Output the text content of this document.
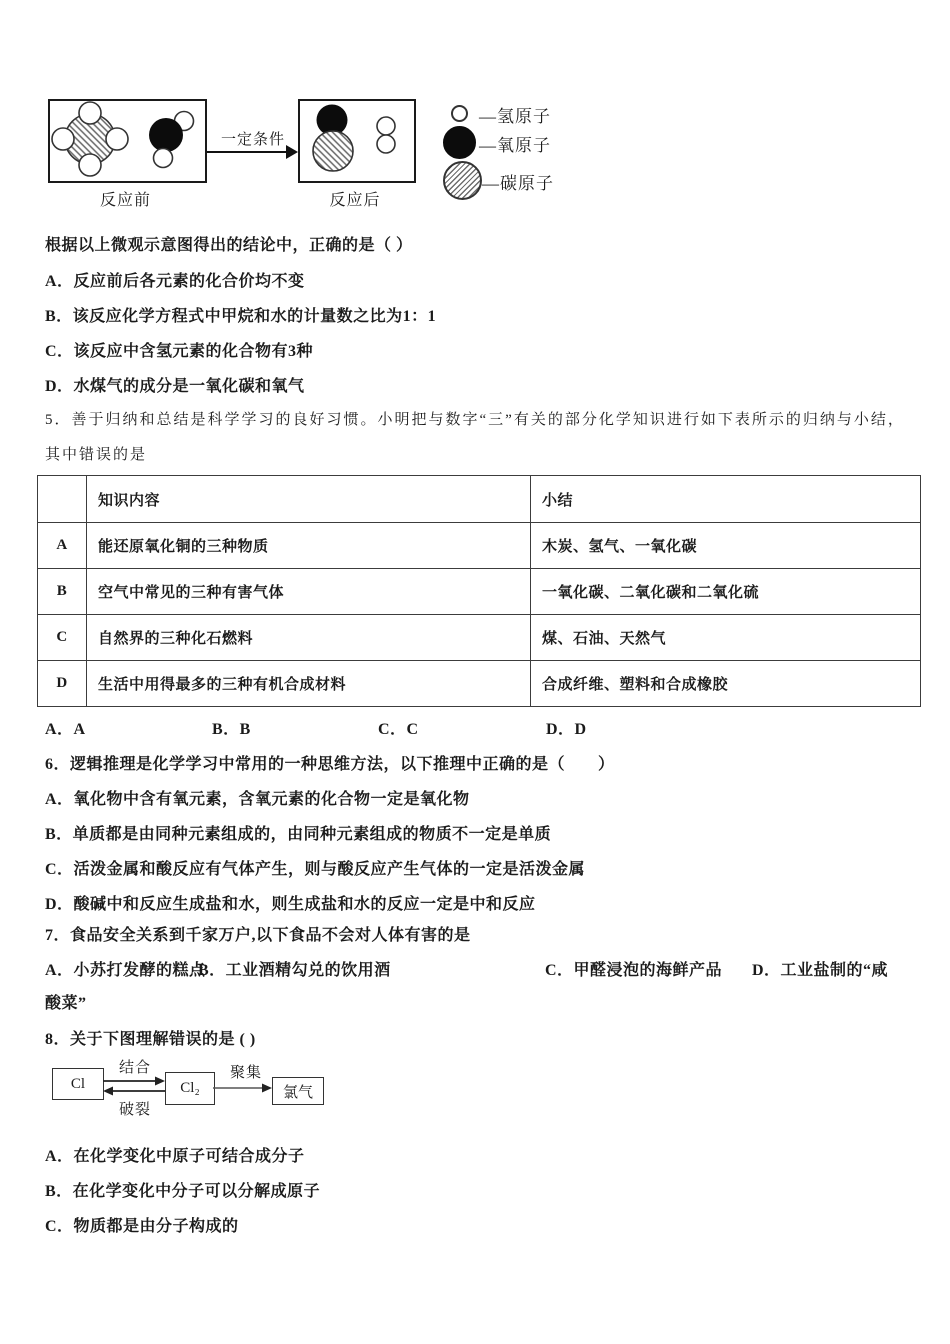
反应前
一定条件
反应后
—氢原子
—氧原子
—碳原子
根据以上微观示意图得出的结论中，正确的是（ ）
A．反应前后各元素的化合价均不变
B．该反应化学方程式中甲烷和水的计量数之比为1：1
C．该反应中含氢元素的化合物有3种
D．水煤气的成分是一氧化碳和氧气
5．善于归纳和总结是科学学习的良好习惯。小明把与数字“三”有关的部分化学知识进行如下表所示的归纳与小结，
其中错误的是
	知识内容	小结
A	能还原氧化铜的三种物质	木炭、氢气、一氧化碳
B	空气中常见的三种有害气体	一氧化碳、二氧化碳和二氧化硫
C	自然界的三种化石燃料	煤、石油、天然气
D	生活中用得最多的三种有机合成材料	合成纤维、塑料和合成橡胶
A．A	B．B	C．C	D．D
6．逻辑推理是化学学习中常用的一种思维方法，以下推理中正确的是（　　）
A．氧化物中含有氧元素，含氧元素的化合物一定是氧化物
B．单质都是由同种元素组成的，由同种元素组成的物质不一定是单质
C．活泼金属和酸反应有气体产生，则与酸反应产生气体的一定是活泼金属
D．酸碱中和反应生成盐和水，则生成盐和水的反应一定是中和反应
7．食品安全关系到千家万户,以下食品不会对人体有害的是
A．小苏打发酵的糕点
B．工业酒精勾兑的饮用酒	C．甲醛浸泡的海鲜产品 D．工业盐制的“咸
酸菜”
8．关于下图理解错误的是 ( )
Cl	Cl₂	氯气
结合
破裂
聚集
A．在化学变化中原子可结合成分子
B．在化学变化中分子可以分解成原子
C．物质都是由分子构成的
